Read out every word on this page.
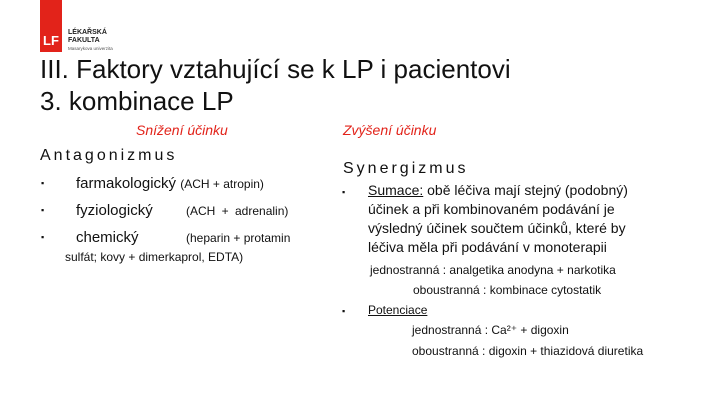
LF
LÉKAŘSKÁ
FAKULTA
Masarykova univerzita
III. Faktory vztahující se k LP i pacientovi
3. kombinace LP
Snížení účinku
Antagonizmus
▪ farmakologický (ACH + atropin)
▪ fyziologický	(ACH + adrenalin)
▪ chemický	(heparin + protamin
sulfát; kovy + dimerkaprol, EDTA)
Zvýšení účinku
Synergizmus
▪ Sumace: obě léčiva mají stejný (podobný)
účinek a při kombinovaném podávání je
výsledný účinek součtem účinků, které by
léčiva měla při podávání v monoterapii
jednostranná : analgetika anodyna + narkotika
oboustranná : kombinace cytostatik
▪ Potenciace
jednostranná : Ca²⁺ + digoxin
oboustranná : digoxin + thiazidová diuretika
